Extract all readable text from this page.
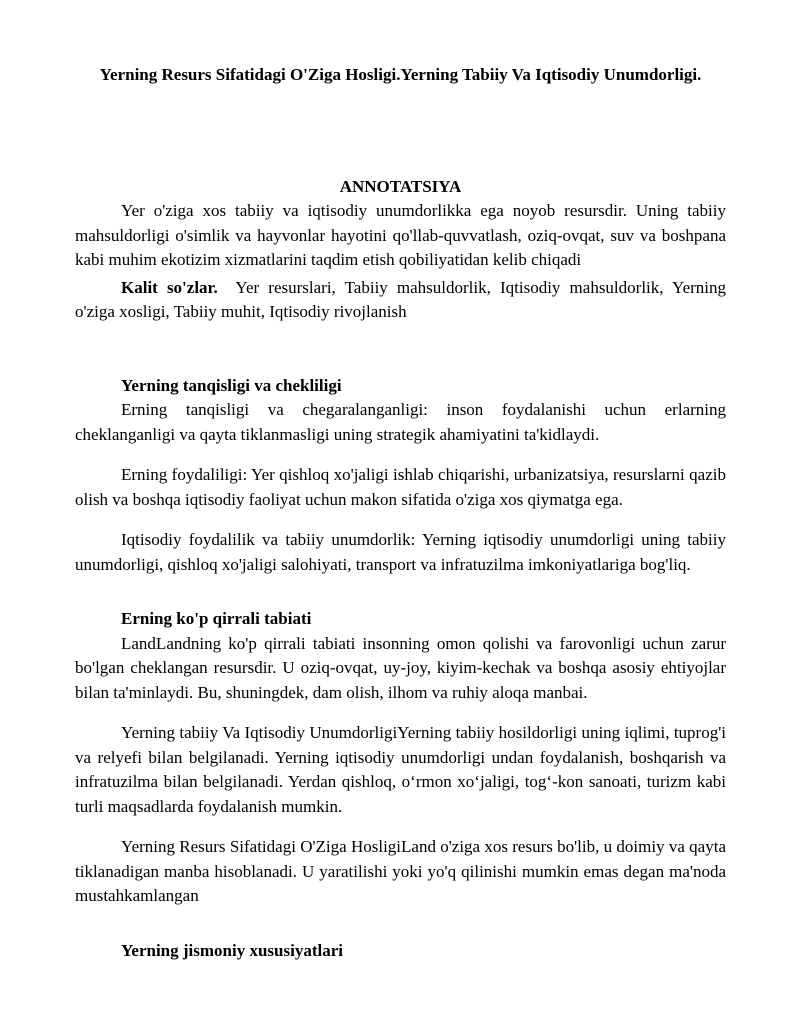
Yerning Resurs Sifatidagi O'Ziga Hosligi.Yerning Tabiiy Va Iqtisodiy Unumdorligi.
ANNOTATSIYA

Yer o'ziga xos tabiiy va iqtisodiy unumdorlikka ega noyob resursdir. Uning tabiiy mahsuldorligi o'simlik va hayvonlar hayotini qo'llab-quvvatlash, oziq-ovqat, suv va boshpana kabi muhim ekotizim xizmatlarini taqdim etish qobiliyatidan kelib chiqadi

Kalit so'zlar. Yer resurslari, Tabiiy mahsuldorlik, Iqtisodiy mahsuldorlik, Yerning o'ziga xosligi, Tabiiy muhit, Iqtisodiy rivojlanish

Yerning tanqisligi va chekliligi

Erning tanqisligi va chegaralanganligi: inson foydalanishi uchun erlarning cheklanganligi va qayta tiklanmasligi uning strategik ahamiyatini ta'kidlaydi.

Erning foydaliligi: Yer qishloq xo'jaligi ishlab chiqarishi, urbanizatsiya, resurslarni qazib olish va boshqa iqtisodiy faoliyat uchun makon sifatida o'ziga xos qiymatga ega.

Iqtisodiy foydalilik va tabiiy unumdorlik: Yerning iqtisodiy unumdorligi uning tabiiy unumdorligi, qishloq xo'jaligi salohiyati, transport va infratuzilma imkoniyatlariga bog'liq.

Erning ko'p qirrali tabiati

LandLandning ko'p qirrali tabiati insonning omon qolishi va farovonligi uchun zarur bo'lgan cheklangan resursdir. U oziq-ovqat, uy-joy, kiyim-kechak va boshqa asosiy ehtiyojlar bilan ta'minlaydi. Bu, shuningdek, dam olish, ilhom va ruhiy aloqa manbai.

Yerning tabiiy Va Iqtisodiy UnumdorligiYerning tabiiy hosildorligi uning iqlimi, tuprog'i va relyefi bilan belgilanadi. Yerning iqtisodiy unumdorligi undan foydalanish, boshqarish va infratuzilma bilan belgilanadi. Yerdan qishloq, o‘rmon xo‘jaligi, tog‘-kon sanoati, turizm kabi turli maqsadlarda foydalanish mumkin.

Yerning Resurs Sifatidagi O'Ziga HosligiLand o'ziga xos resurs bo'lib, u doimiy va qayta tiklanadigan manba hisoblanadi. U yaratilishi yoki yo'q qilinishi mumkin emas degan ma'noda mustahkamlangan

Yerning jismoniy xususiyatlari
